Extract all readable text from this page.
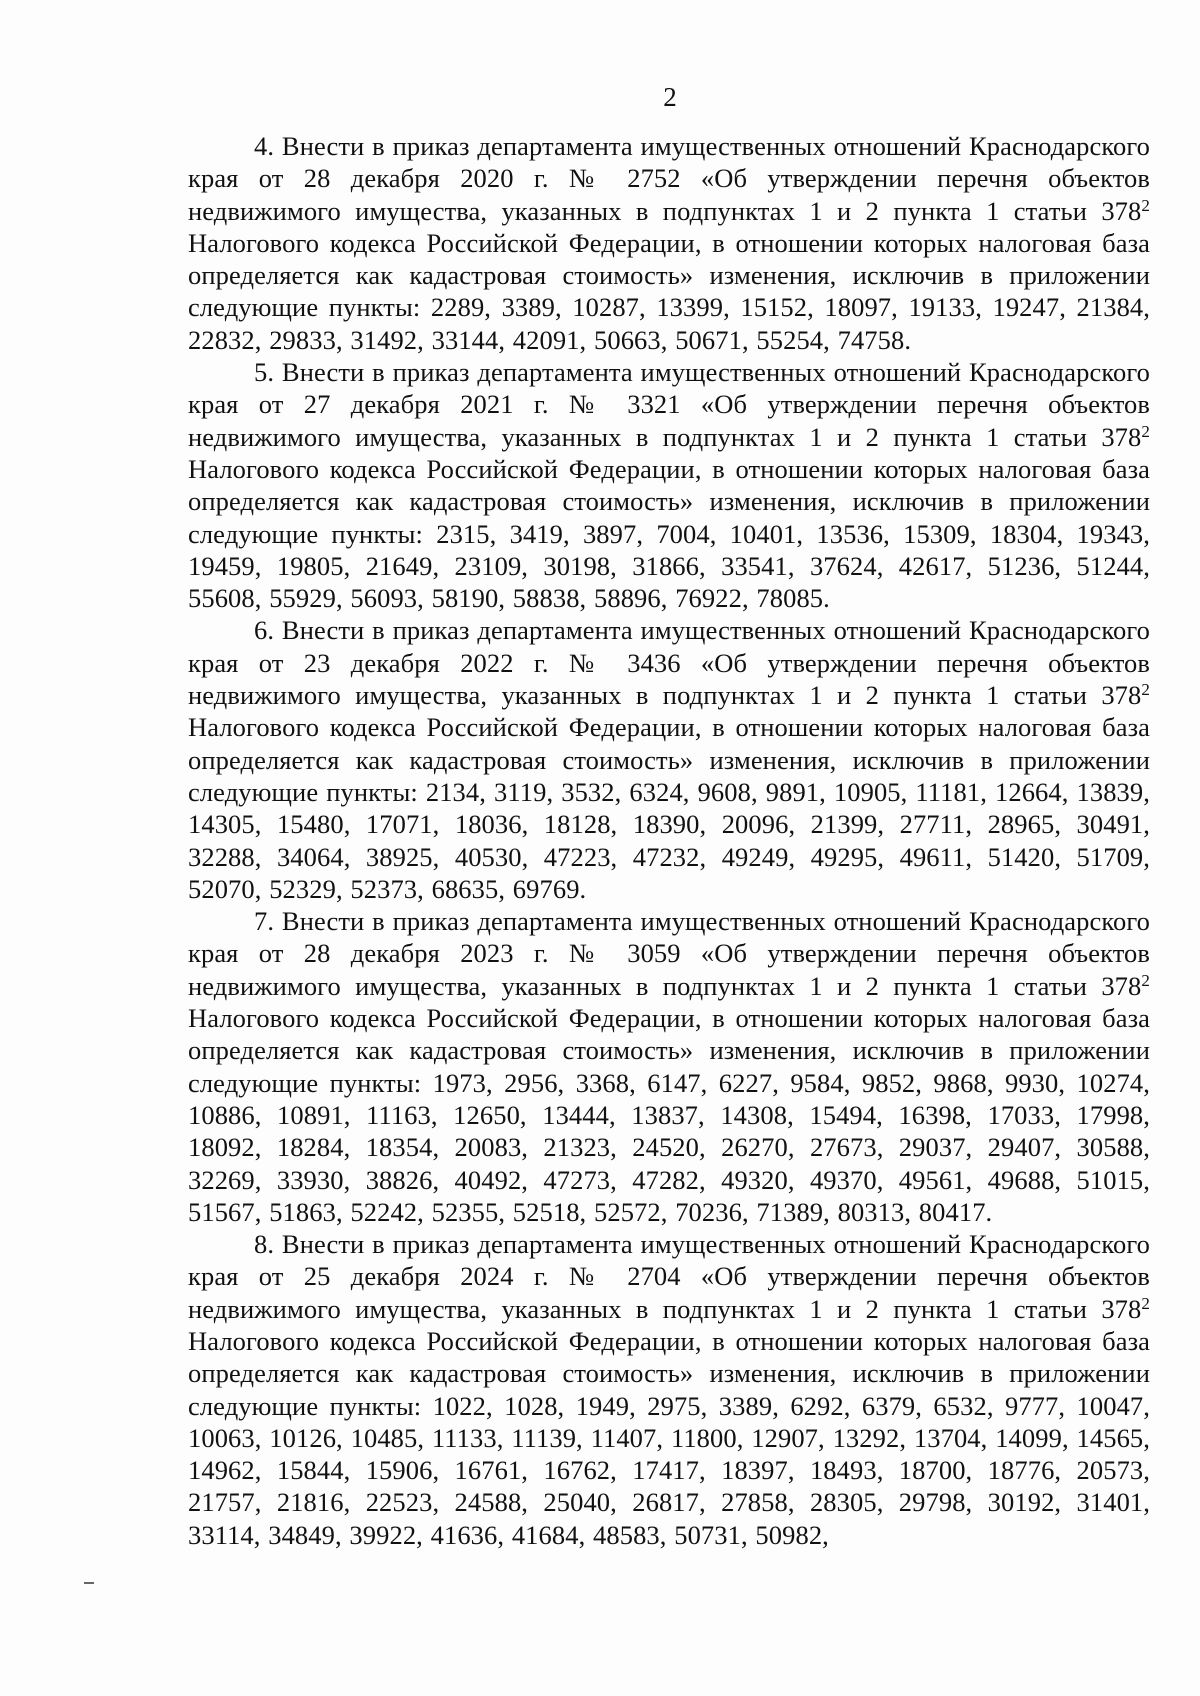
2

4. Внести в приказ департамента имущественных отношений Краснодарского края от 28 декабря 2020 г. № 2752 «Об утверждении перечня объектов недвижимого имущества, указанных в подпунктах 1 и 2 пункта 1 статьи $378^2$ Налогового кодекса Российской Федерации, в отношении которых налоговая база определяется как кадастровая стоимость» изменения, исключив в приложении следующие пункты: 2289, 3389, 10287, 13399, 15152, 18097, 19133, 19247, 21384, 22832, 29833, 31492, 33144, 42091, 50663, 50671, 55254, 74758.

5. Внести в приказ департамента имущественных отношений Краснодарского края от 27 декабря 2021 г. № 3321 «Об утверждении перечня объектов недвижимого имущества, указанных в подпунктах 1 и 2 пункта 1 статьи $378^2$ Налогового кодекса Российской Федерации, в отношении которых налоговая база определяется как кадастровая стоимость» изменения, исключив в приложении следующие пункты: 2315, 3419, 3897, 7004, 10401, 13536, 15309, 18304, 19343, 19459, 19805, 21649, 23109, 30198, 31866, 33541, 37624, 42617, 51236, 51244, 55608, 55929, 56093, 58190, 58838, 58896, 76922, 78085.

6. Внести в приказ департамента имущественных отношений Краснодарского края от 23 декабря 2022 г. № 3436 «Об утверждении перечня объектов недвижимого имущества, указанных в подпунктах 1 и 2 пункта 1 статьи $378^2$ Налогового кодекса Российской Федерации, в отношении которых налоговая база определяется как кадастровая стоимость» изменения, исключив в приложении следующие пункты: 2134, 3119, 3532, 6324, 9608, 9891, 10905, 11181, 12664, 13839, 14305, 15480, 17071, 18036, 18128, 18390, 20096, 21399, 27711, 28965, 30491, 32288, 34064, 38925, 40530, 47223, 47232, 49249, 49295, 49611, 51420, 51709, 52070, 52329, 52373, 68635, 69769.

7. Внести в приказ департамента имущественных отношений Краснодарского края от 28 декабря 2023 г. № 3059 «Об утверждении перечня объектов недвижимого имущества, указанных в подпунктах 1 и 2 пункта 1 статьи $378^2$ Налогового кодекса Российской Федерации, в отношении которых налоговая база определяется как кадастровая стоимость» изменения, исключив в приложении следующие пункты: 1973, 2956, 3368, 6147, 6227, 9584, 9852, 9868, 9930, 10274, 10886, 10891, 11163, 12650, 13444, 13837, 14308, 15494, 16398, 17033, 17998, 18092, 18284, 18354, 20083, 21323, 24520, 26270, 27673, 29037, 29407, 30588, 32269, 33930, 38826, 40492, 47273, 47282, 49320, 49370, 49561, 49688, 51015, 51567, 51863, 52242, 52355, 52518, 52572, 70236, 71389, 80313, 80417.

8. Внести в приказ департамента имущественных отношений Краснодарского края от 25 декабря 2024 г. № 2704 «Об утверждении перечня объектов недвижимого имущества, указанных в подпунктах 1 и 2 пункта 1 статьи $378^2$ Налогового кодекса Российской Федерации, в отношении которых налоговая база определяется как кадастровая стоимость» изменения, исключив в приложении следующие пункты: 1022, 1028, 1949, 2975, 3389, 6292, 6379, 6532, 9777, 10047, 10063, 10126, 10485, 11133, 11139, 11407, 11800, 12907, 13292, 13704, 14099, 14565, 14962, 15844, 15906, 16761, 16762, 17417, 18397, 18493, 18700, 18776, 20573, 21757, 21816, 22523, 24588, 25040, 26817, 27858, 28305, 29798, 30192, 31401, 33114, 34849, 39922, 41636, 41684, 48583, 50731, 50982,
